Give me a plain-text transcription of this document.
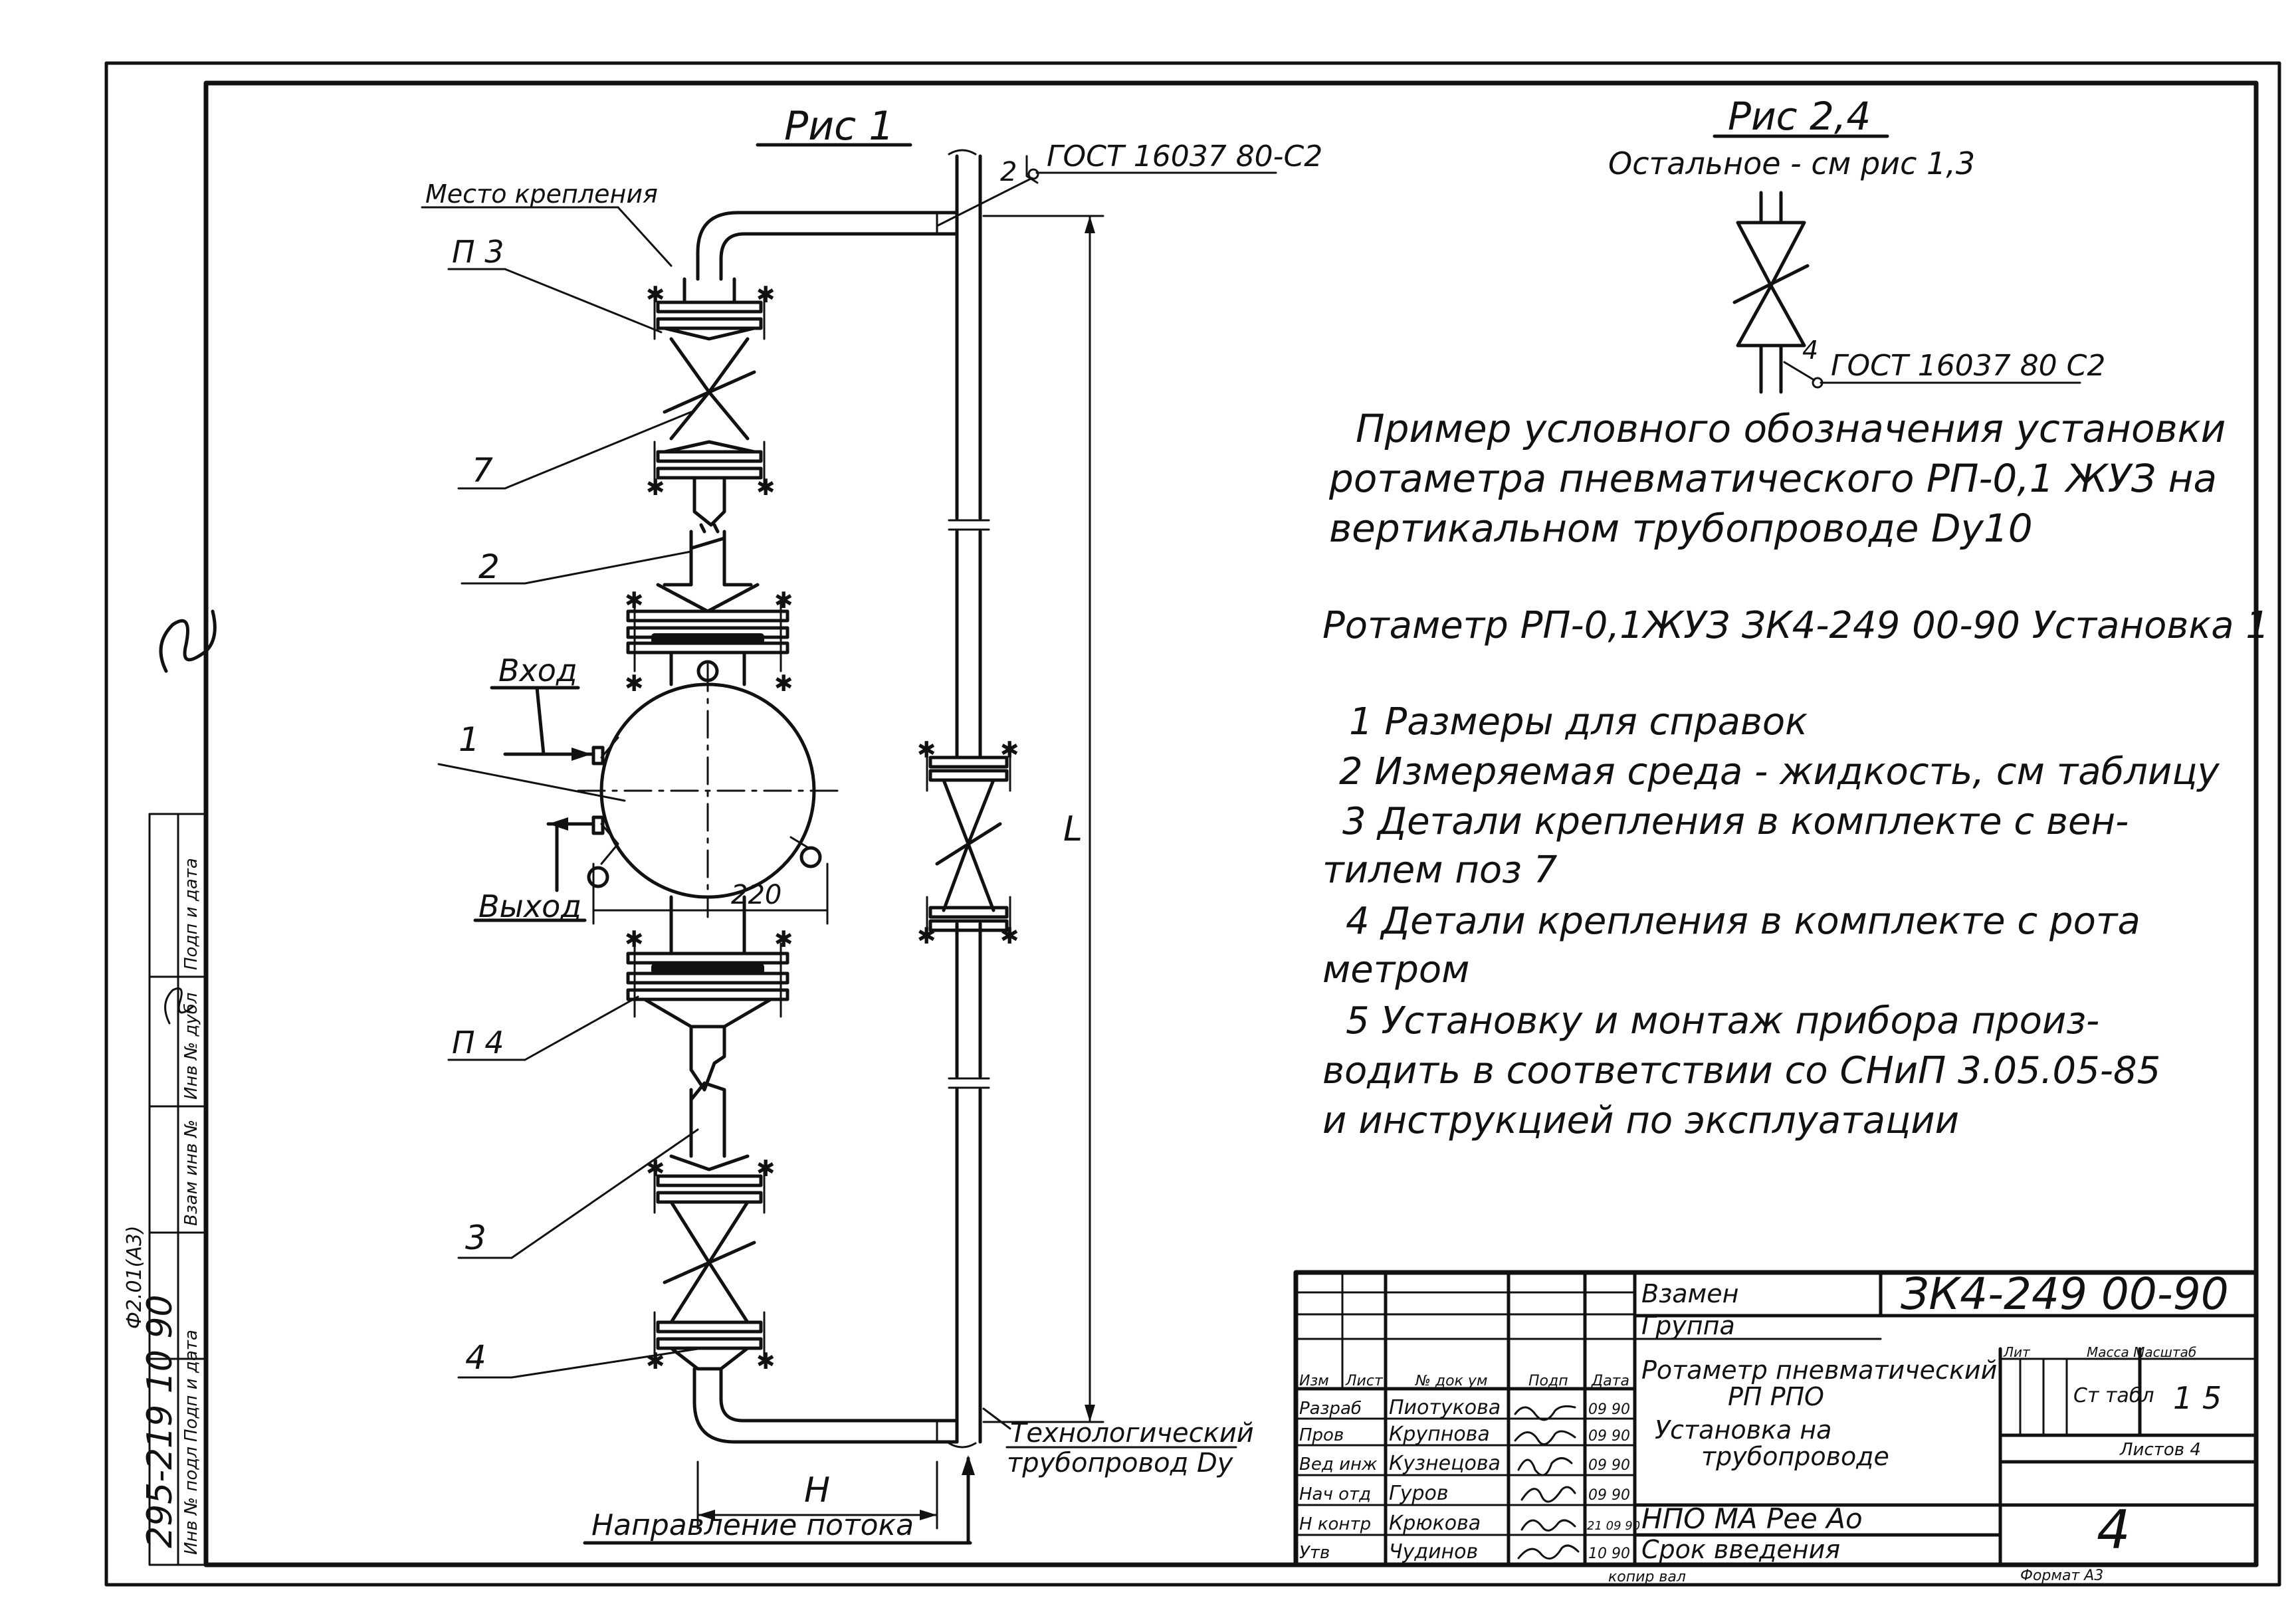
Инв № подл
Подп и дата
Взам инв №
Инв № дубл
Подп и дата
295-2
19 10 90
Ф2.01(А3)
Рис 1
2 ГОСТ 16037 80-С2
✱	✱
✱	✱
✱	✱
✱	✱
✱	✱
✱	✱
Вход
Выход	220
✱	✱
✱	✱
✱	✱
Н
L
Направление потока
Технологический
трубопровод Dу
Место крепления
П 3
7
2
1
П 4
3
4
Рис 2,4
Остальное - см рис 1,3
4 ГОСТ 16037 80 С2
Пример условного обозначения установки
ротаметра пневматического РП-0,1 ЖУЗ на
вертикальном трубопроводе Dу10
Ротаметр РП-0,1ЖУЗ ЗК4-249 00-90 Установка 1
1 Размеры для справок
2 Измеряемая среда - жидкость, см таблицу
3 Детали крепления в комплекте с вен-
тилем поз 7
4 Детали крепления в комплекте с рота
метром
5 Установку и монтаж прибора произ-
водить в соответствии со СНиП 3.05.05-85
и инструкцией по эксплуатации
Взамен
Группа
ЗК4-249 00-90
Изм Лист № док ум	Подп Дата
Разраб Пиотукова	09 90
Пров Крупнова	09 90
Вед инж Кузнецова	09 90
Нач отд Гуров	09 90
Н контр Крюкова	21 09 90
Утв	Чудинов	10 90
Ротаметр пневматический
РП РПО
Установка на
трубопроводе
Масса Масштаб
Лит
Ст табл 1 5
Листов 4
НПО МА Рее Ао
Срок введения	4
копир вал	Формат А3
